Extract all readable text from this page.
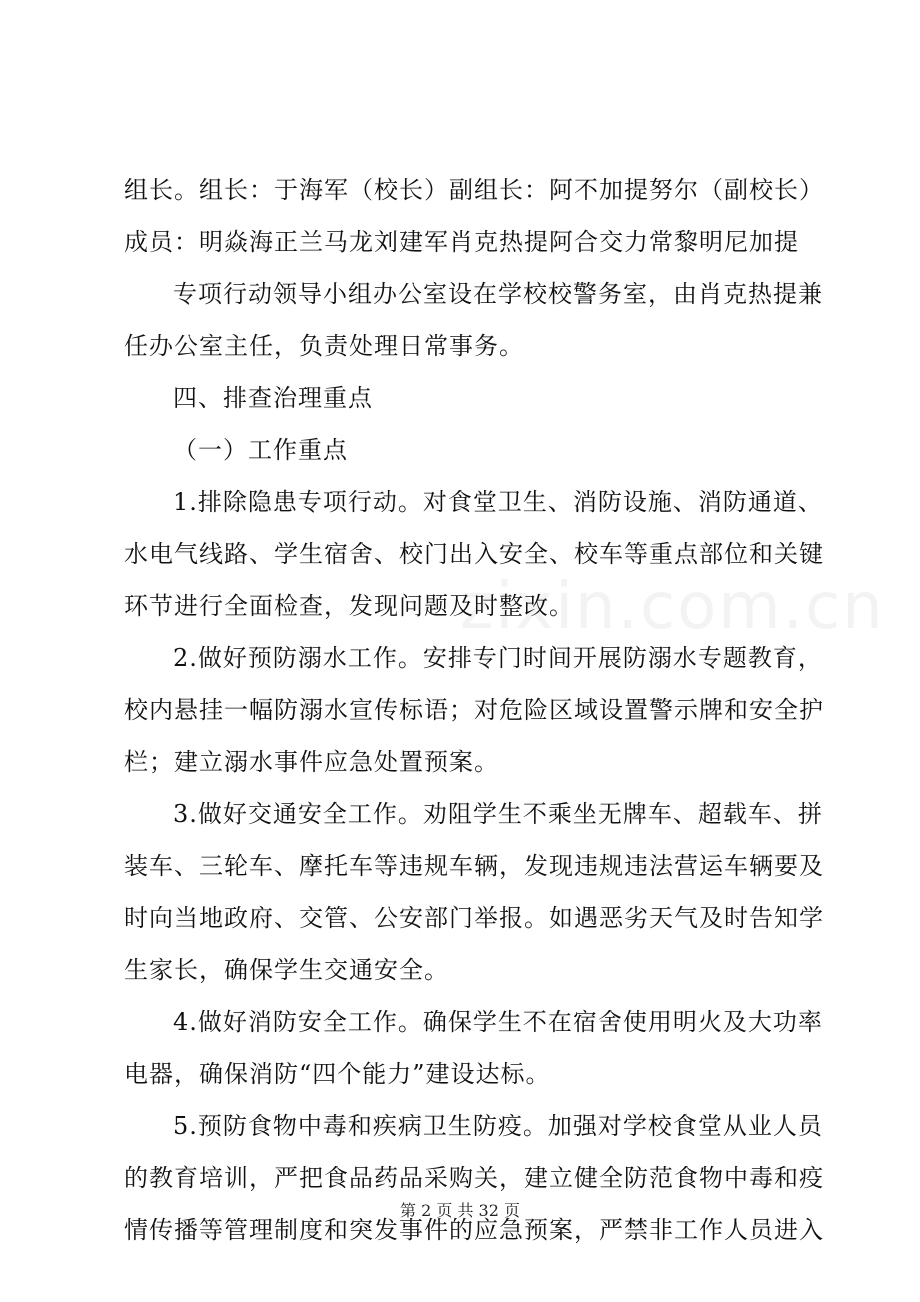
zixin.com.cn
组长。组长：于海军（校长）副组长：阿不加提努尔（副校长）
成员：明焱海正兰马龙刘建军肖克热提阿合交力常黎明尼加提
专项行动领导小组办公室设在学校校警务室，由肖克热提兼
任办公室主任，负责处理日常事务。
四、排查治理重点
（一）工作重点
1.排除隐患专项行动。对食堂卫生、消防设施、消防通道、
水电气线路、学生宿舍、校门出入安全、校车等重点部位和关键
环节进行全面检查，发现问题及时整改。
2.做好预防溺水工作。安排专门时间开展防溺水专题教育，
校内悬挂一幅防溺水宣传标语；对危险区域设置警示牌和安全护
栏；建立溺水事件应急处置预案。
3.做好交通安全工作。劝阻学生不乘坐无牌车、超载车、拼
装车、三轮车、摩托车等违规车辆，发现违规违法营运车辆要及
时向当地政府、交管、公安部门举报。如遇恶劣天气及时告知学
生家长，确保学生交通安全。
4.做好消防安全工作。确保学生不在宿舍使用明火及大功率
电器，确保消防“四个能力”建设达标。
5.预防食物中毒和疾病卫生防疫。加强对学校食堂从业人员
的教育培训，严把食品药品采购关，建立健全防范食物中毒和疫
情传播等管理制度和突发事件的应急预案，严禁非工作人员进入
第 2 页 共 32 页
